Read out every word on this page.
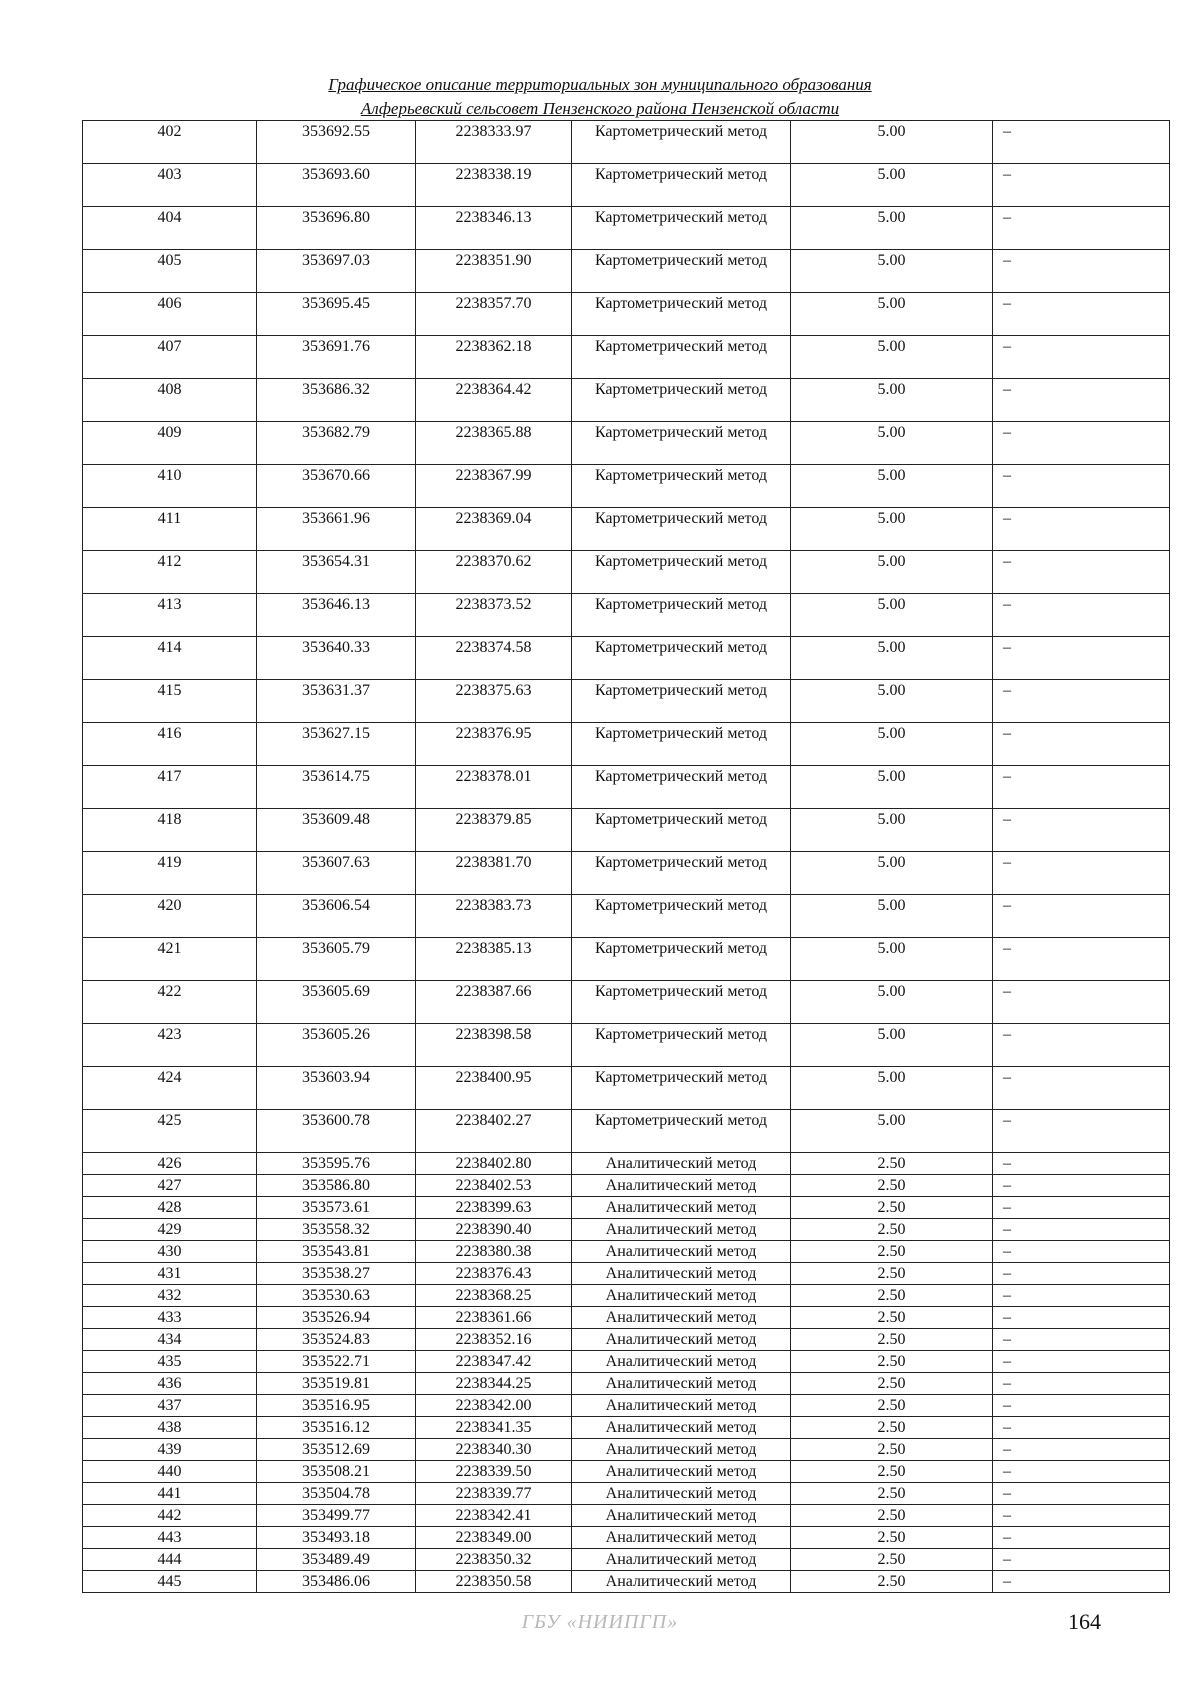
Графическое описание территориальных зон муниципального образования
Алферьевский сельсовет Пензенского района Пензенской области
402	353692.55	2238333.97	Картометрический метод	5.00	–
403	353693.60	2238338.19	Картометрический метод	5.00	–
404	353696.80	2238346.13	Картометрический метод	5.00	–
405	353697.03	2238351.90	Картометрический метод	5.00	–
406	353695.45	2238357.70	Картометрический метод	5.00	–
407	353691.76	2238362.18	Картометрический метод	5.00	–
408	353686.32	2238364.42	Картометрический метод	5.00	–
409	353682.79	2238365.88	Картометрический метод	5.00	–
410	353670.66	2238367.99	Картометрический метод	5.00	–
411	353661.96	2238369.04	Картометрический метод	5.00	–
412	353654.31	2238370.62	Картометрический метод	5.00	–
413	353646.13	2238373.52	Картометрический метод	5.00	–
414	353640.33	2238374.58	Картометрический метод	5.00	–
415	353631.37	2238375.63	Картометрический метод	5.00	–
416	353627.15	2238376.95	Картометрический метод	5.00	–
417	353614.75	2238378.01	Картометрический метод	5.00	–
418	353609.48	2238379.85	Картометрический метод	5.00	–
419	353607.63	2238381.70	Картометрический метод	5.00	–
420	353606.54	2238383.73	Картометрический метод	5.00	–
421	353605.79	2238385.13	Картометрический метод	5.00	–
422	353605.69	2238387.66	Картометрический метод	5.00	–
423	353605.26	2238398.58	Картометрический метод	5.00	–
424	353603.94	2238400.95	Картометрический метод	5.00	–
425	353600.78	2238402.27	Картометрический метод	5.00	–
426	353595.76	2238402.80	Аналитический метод	2.50	–
427	353586.80	2238402.53	Аналитический метод	2.50	–
428	353573.61	2238399.63	Аналитический метод	2.50	–
429	353558.32	2238390.40	Аналитический метод	2.50	–
430	353543.81	2238380.38	Аналитический метод	2.50	–
431	353538.27	2238376.43	Аналитический метод	2.50	–
432	353530.63	2238368.25	Аналитический метод	2.50	–
433	353526.94	2238361.66	Аналитический метод	2.50	–
434	353524.83	2238352.16	Аналитический метод	2.50	–
435	353522.71	2238347.42	Аналитический метод	2.50	–
436	353519.81	2238344.25	Аналитический метод	2.50	–
437	353516.95	2238342.00	Аналитический метод	2.50	–
438	353516.12	2238341.35	Аналитический метод	2.50	–
439	353512.69	2238340.30	Аналитический метод	2.50	–
440	353508.21	2238339.50	Аналитический метод	2.50	–
441	353504.78	2238339.77	Аналитический метод	2.50	–
442	353499.77	2238342.41	Аналитический метод	2.50	–
443	353493.18	2238349.00	Аналитический метод	2.50	–
444	353489.49	2238350.32	Аналитический метод	2.50	–
445	353486.06	2238350.58	Аналитический метод	2.50	–
ГБУ «НИИПГП»	164
